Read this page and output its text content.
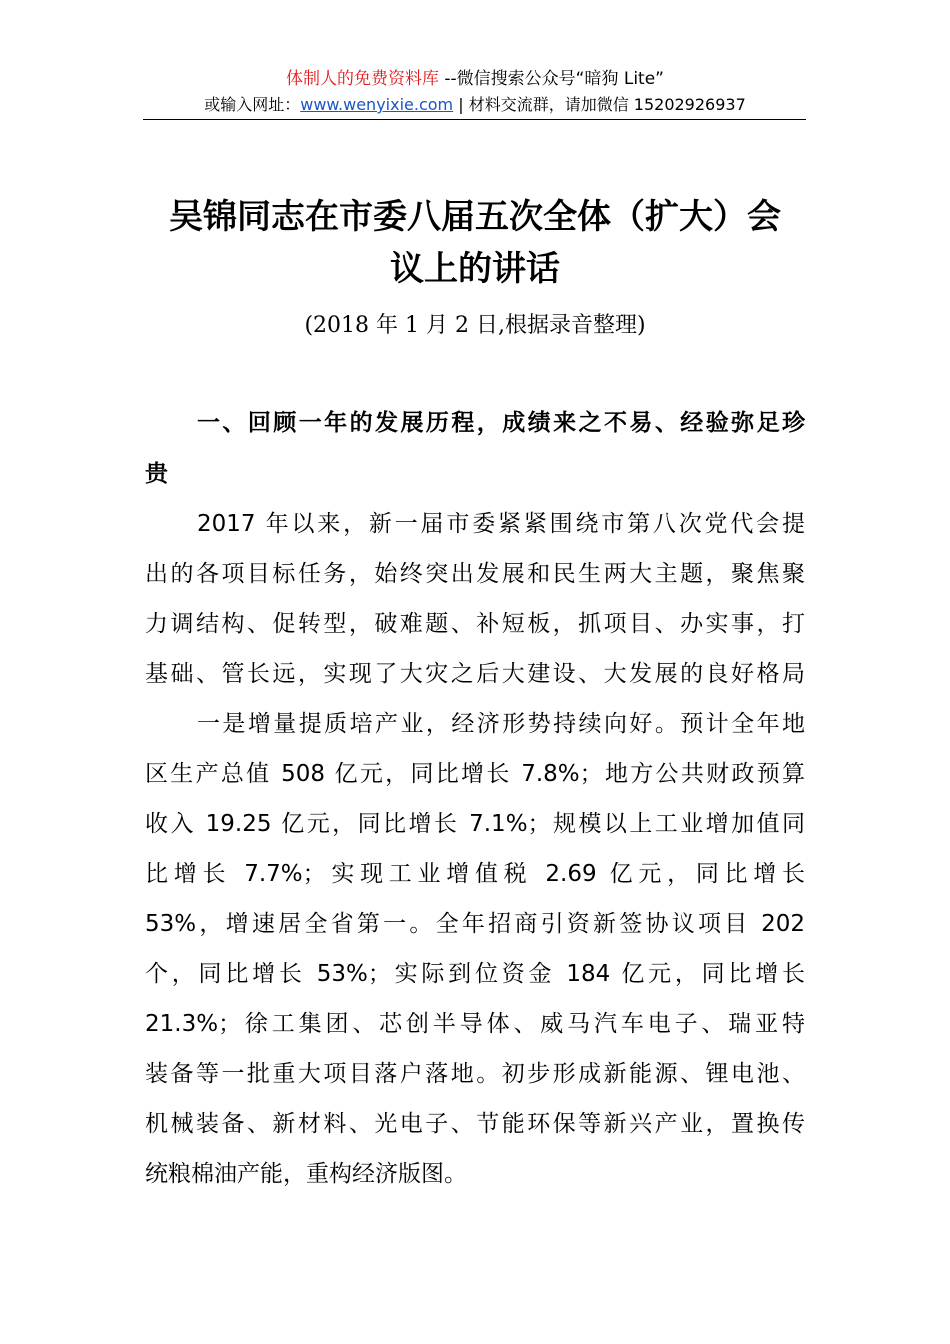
体制人的免费资料库 --微信搜索公众号“暗狗 Lite”
或输入网址：www.wenyixie.com | 材料交流群，请加微信 15202926937
吴锦同志在市委八届五次全体（扩大）会
议上的讲话
(2018 年 1 月 2 日,根据录音整理)
一、回顾一年的发展历程，成绩来之不易、经验弥足珍
贵
2017 年以来，新一届市委紧紧围绕市第八次党代会提
出的各项目标任务，始终突出发展和民生两大主题，聚焦聚
力调结构、促转型，破难题、补短板，抓项目、办实事，打
基础、管长远，实现了大灾之后大建设、大发展的良好格局
一是增量提质培产业，经济形势持续向好。预计全年地
区生产总值 508 亿元，同比增长 7.8%；地方公共财政预算
收入 19.25 亿元，同比增长 7.1%；规模以上工业增加值同
比增长 7.7%；实现工业增值税 2.69 亿元，同比增长
53%，增速居全省第一。全年招商引资新签协议项目 202
个，同比增长 53%；实际到位资金 184 亿元，同比增长
21.3%；徐工集团、芯创半导体、威马汽车电子、瑞亚特
装备等一批重大项目落户落地。初步形成新能源、锂电池、
机械装备、新材料、光电子、节能环保等新兴产业，置换传
统粮棉油产能，重构经济版图。
